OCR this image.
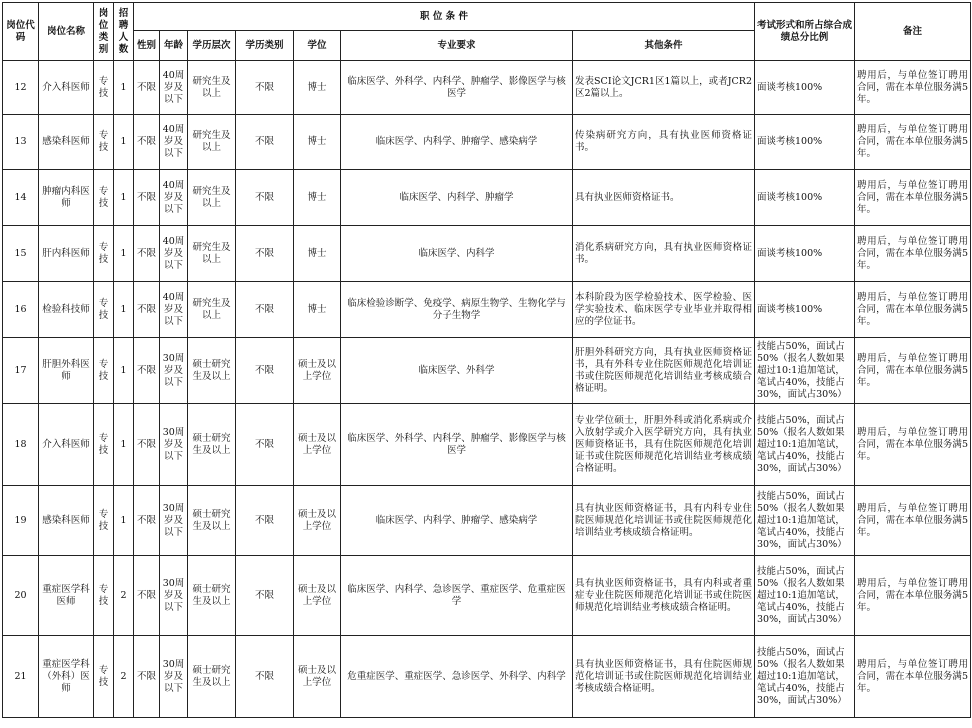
岗位代码	岗位名称	岗位类别	招聘人数	职 位 条 件							考试形式和所占综合成绩总分比例	备注
				性别	年龄	学历层次	学历类别	学位	专业要求	其他条件		
12	介入科医师	专技	1	不限	40周岁及以下	研究生及以上	不限	博士	临床医学、外科学、内科学、肿瘤学、影像医学与核医学	发表SCI论文JCR1区1篇以上，或者JCR2区2篇以上。	面谈考核100%	聘用后，与单位签订聘用合同，需在本单位服务满5年。
13	感染科医师	专技	1	不限	40周岁及以下	研究生及以上	不限	博士	临床医学、内科学、肿瘤学、感染病学	传染病研究方向，具有执业医师资格证书。	面谈考核100%	聘用后，与单位签订聘用合同，需在本单位服务满5年。
14	肿瘤内科医师	专技	1	不限	40周岁及以下	研究生及以上	不限	博士	临床医学、内科学、肿瘤学	具有执业医师资格证书。	面谈考核100%	聘用后，与单位签订聘用合同，需在本单位服务满5年。
15	肝内科医师	专技	1	不限	40周岁及以下	研究生及以上	不限	博士	临床医学、内科学	消化系病研究方向，具有执业医师资格证书。	面谈考核100%	聘用后，与单位签订聘用合同，需在本单位服务满5年。
16	检验科技师	专技	1	不限	40周岁及以下	研究生及以上	不限	博士	临床检验诊断学、免疫学、病原生物学、生物化学与分子生物学	本科阶段为医学检验技术、医学检验、医学实验技术、临床医学专业毕业并取得相应的学位证书。	面谈考核100%	聘用后，与单位签订聘用合同，需在本单位服务满5年。
17	肝胆外科医师	专技	1	不限	30周岁及以下	硕士研究生及以上	不限	硕士及以上学位	临床医学、外科学	肝胆外科研究方向，具有执业医师资格证书，具有外科专业住院医师规范化培训证书或住院医师规范化培训结业考核成绩合格证明。	技能占50%，面试占50%（报名人数如果超过10:1追加笔试，笔试占40%，技能占30%，面试占30%）	聘用后，与单位签订聘用合同，需在本单位服务满5年。
18	介入科医师	专技	1	不限	30周岁及以下	硕士研究生及以上	不限	硕士及以上学位	临床医学、外科学、内科学、肿瘤学、影像医学与核医学	专业学位硕士，肝胆外科或消化系病或介入放射学或介入医学研究方向，具有执业医师资格证书，具有住院医师规范化培训证书或住院医师规范化培训结业考核成绩合格证明。	技能占50%，面试占50%（报名人数如果超过10:1追加笔试，笔试占40%，技能占30%，面试占30%）	聘用后，与单位签订聘用合同，需在本单位服务满5年。
19	感染科医师	专技	1	不限	30周岁及以下	硕士研究生及以上	不限	硕士及以上学位	临床医学、内科学、肿瘤学、感染病学	具有执业医师资格证书，具有内科专业住院医师规范化培训证书或住院医师规范化培训结业考核成绩合格证明。	技能占50%，面试占50%（报名人数如果超过10:1追加笔试，笔试占40%，技能占30%，面试占30%）	聘用后，与单位签订聘用合同，需在本单位服务满5年。
20	重症医学科医师	专技	2	不限	30周岁及以下	硕士研究生及以上	不限	硕士及以上学位	临床医学、内科学、急诊医学、重症医学、危重症医学	具有执业医师资格证书，具有内科或者重症专业住院医师规范化培训证书或住院医师规范化培训结业考核成绩合格证明。	技能占50%，面试占50%（报名人数如果超过10:1追加笔试，笔试占40%，技能占30%，面试占30%）	聘用后，与单位签订聘用合同，需在本单位服务满5年。
21	重症医学科（外科）医师	专技	2	不限	30周岁及以下	硕士研究生及以上	不限	硕士及以上学位	危重症医学、重症医学、急诊医学、外科学、内科学	具有执业医师资格证书，具有住院医师规范化培训证书或住院医师规范化培训结业考核成绩合格证明。	技能占50%，面试占50%（报名人数如果超过10:1追加笔试，笔试占40%，技能占30%，面试占30%）	聘用后，与单位签订聘用合同，需在本单位服务满5年。
